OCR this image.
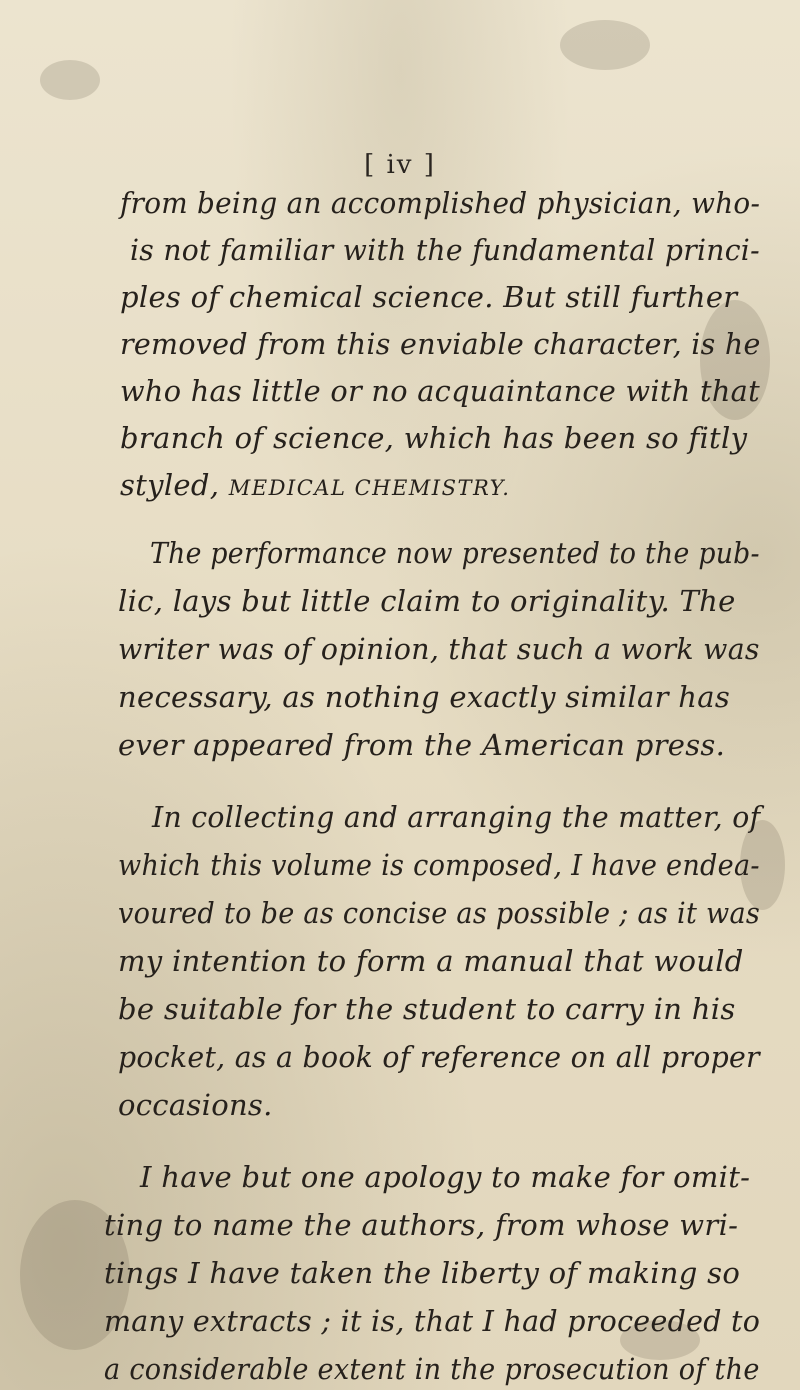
[ iv ]
from being an accomplished physician, who-
is not familiar with the fundamental princi-
ples of chemical science. But still further
removed from this enviable character, is he
who has little or no acquaintance with that
branch of science, which has been so fitly
styled, MEDICAL CHEMISTRY.
The performance now presented to the pub-
lic, lays but little claim to originality. The
writer was of opinion, that such a work was
necessary, as nothing exactly similar has
ever appeared from the American press.
In collecting and arranging the matter, of
which this volume is composed, I have endea-
voured to be as concise as possible ; as it was
my intention to form a manual that would
be suitable for the student to carry in his
pocket, as a book of reference on all proper
occasions.
I have but one apology to make for omit-
ting to name the authors, from whose wri-
tings I have taken the liberty of making so
many extracts ; it is, that I had proceeded to
a considerable extent in the prosecution of the
